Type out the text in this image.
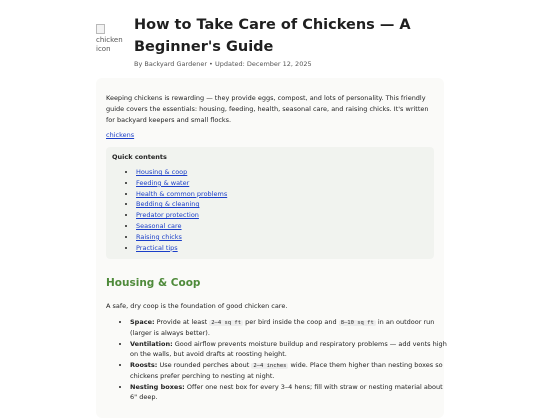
chicken icon
How to Take Care of Chickens — A Beginner's Guide
By Backyard Gardener • Updated: December 12, 2025
Keeping chickens is rewarding — they provide eggs, compost, and lots of personality. This friendly guide covers the essentials: housing, feeding, health, seasonal care, and raising chicks. It's written for backyard keepers and small flocks.
chickens
Quick contents
• Housing & coop
• Feeding & water
• Health & common problems
• Bedding & cleaning
• Predator protection
• Seasonal care
• Raising chicks
• Practical tips
Housing & Coop
A safe, dry coop is the foundation of good chicken care.
• Space: Provide at least 2–4 sq ft per bird inside the coop and 8–10 sq ft in an outdoor run (larger is always better).
• Ventilation: Good airflow prevents moisture buildup and respiratory problems — add vents high on the walls, but avoid drafts at roosting height.
• Roosts: Use rounded perches about 2–4 inches wide. Place them higher than nesting boxes so chickens prefer perching to nesting at night.
• Nesting boxes: Offer one nest box for every 3–4 hens; fill with straw or nesting material about 6" deep.
